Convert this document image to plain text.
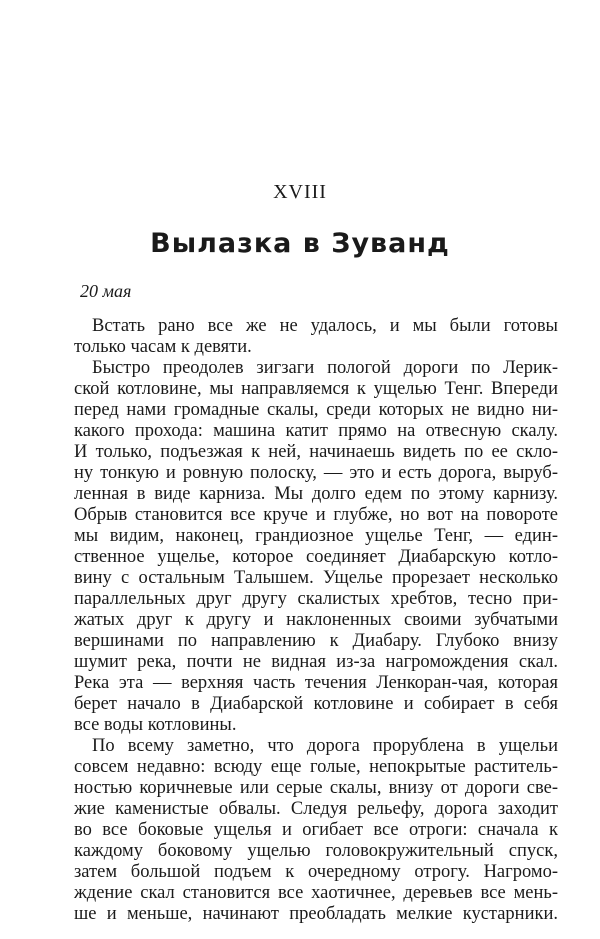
XVIII
Вылазка в Зуванд
20 мая
Встать рано все же не удалось, и мы были готовы
только часам к девяти.
Быстро преодолев зигзаги пологой дороги по Лерик-
ской котловине, мы направляемся к ущелью Тенг. Впереди
перед нами громадные скалы, среди которых не видно ни-
какого прохода: машина катит прямо на отвесную скалу.
И только, подъезжая к ней, начинаешь видеть по ее скло-
ну тонкую и ровную полоску, — это и есть дорога, выруб-
ленная в виде карниза. Мы долго едем по этому карнизу.
Обрыв становится все круче и глубже, но вот на повороте
мы видим, наконец, грандиозное ущелье Тенг, — един-
ственное ущелье, которое соединяет Диабарскую котло-
вину с остальным Талышем. Ущелье прорезает несколько
параллельных друг другу скалистых хребтов, тесно при-
жатых друг к другу и наклоненных своими зубчатыми
вершинами по направлению к Диабару. Глубоко внизу
шумит река, почти не видная из-за нагромождения скал.
Река эта — верхняя часть течения Ленкоран-чая, которая
берет начало в Диабарской котловине и собирает в себя
все воды котловины.
По всему заметно, что дорога прорублена в ущельи
совсем недавно: всюду еще голые, непокрытые раститель-
ностью коричневые или серые скалы, внизу от дороги све-
жие каменистые обвалы. Следуя рельефу, дорога заходит
во все боковые ущелья и огибает все отроги: сначала к
каждому боковому ущелью головокружительный спуск,
затем большой подъем к очередному отрогу. Нагромо-
ждение скал становится все хаотичнее, деревьев все мень-
ше и меньше, начинают преобладать мелкие кустарники.
